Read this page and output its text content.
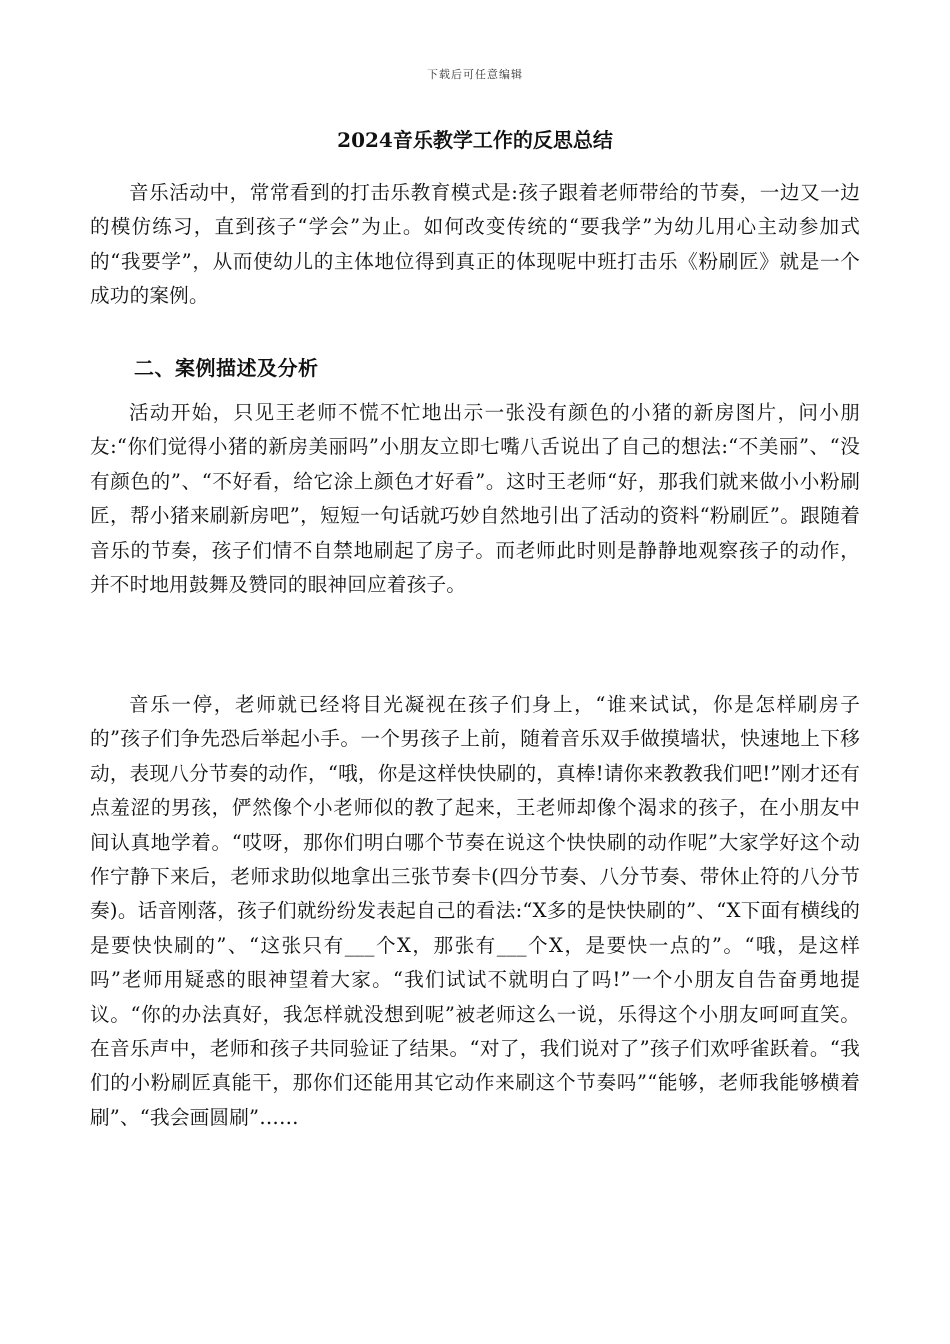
下载后可任意编辑
2024音乐教学工作的反思总结

音乐活动中，常常看到的打击乐教育模式是:孩子跟着老师带给的节奏，一边又一边的模仿练习，直到孩子“学会”为止。如何改变传统的“要我学”为幼儿用心主动参加式的“我要学”，从而使幼儿的主体地位得到真正的体现呢中班打击乐《粉刷匠》就是一个成功的案例。

二、案例描述及分析

活动开始，只见王老师不慌不忙地出示一张没有颜色的小猪的新房图片，问小朋友:“你们觉得小猪的新房美丽吗”小朋友立即七嘴八舌说出了自己的想法:“不美丽”、“没有颜色的”、“不好看，给它涂上颜色才好看”。这时王老师“好，那我们就来做小小粉刷匠，帮小猪来刷新房吧”，短短一句话就巧妙自然地引出了活动的资料“粉刷匠”。跟随着音乐的节奏，孩子们情不自禁地刷起了房子。而老师此时则是静静地观察孩子的动作，并不时地用鼓舞及赞同的眼神回应着孩子。

音乐一停，老师就已经将目光凝视在孩子们身上，“谁来试试，你是怎样刷房子的”孩子们争先恐后举起小手。一个男孩子上前，随着音乐双手做摸墙状，快速地上下移动，表现八分节奏的动作，“哦，你是这样快快刷的，真棒!请你来教教我们吧!”刚才还有点羞涩的男孩，俨然像个小老师似的教了起来，王老师却像个渴求的孩子，在小朋友中间认真地学着。“哎呀，那你们明白哪个节奏在说这个快快刷的动作呢”大家学好这个动作宁静下来后，老师求助似地拿出三张节奏卡(四分节奏、八分节奏、带休止符的八分节奏)。话音刚落，孩子们就纷纷发表起自己的看法:“X多的是快快刷的”、“X下面有横线的是要快快刷的”、“这张只有___个X，那张有___个X，是要快一点的”。“哦，是这样吗”老师用疑惑的眼神望着大家。“我们试试不就明白了吗!”一个小朋友自告奋勇地提议。“你的办法真好，我怎样就没想到呢”被老师这么一说，乐得这个小朋友呵呵直笑。在音乐声中，老师和孩子共同验证了结果。“对了，我们说对了”孩子们欢呼雀跃着。“我们的小粉刷匠真能干，那你们还能用其它动作来刷这个节奏吗”“能够，老师我能够横着刷”、“我会画圆刷”……
